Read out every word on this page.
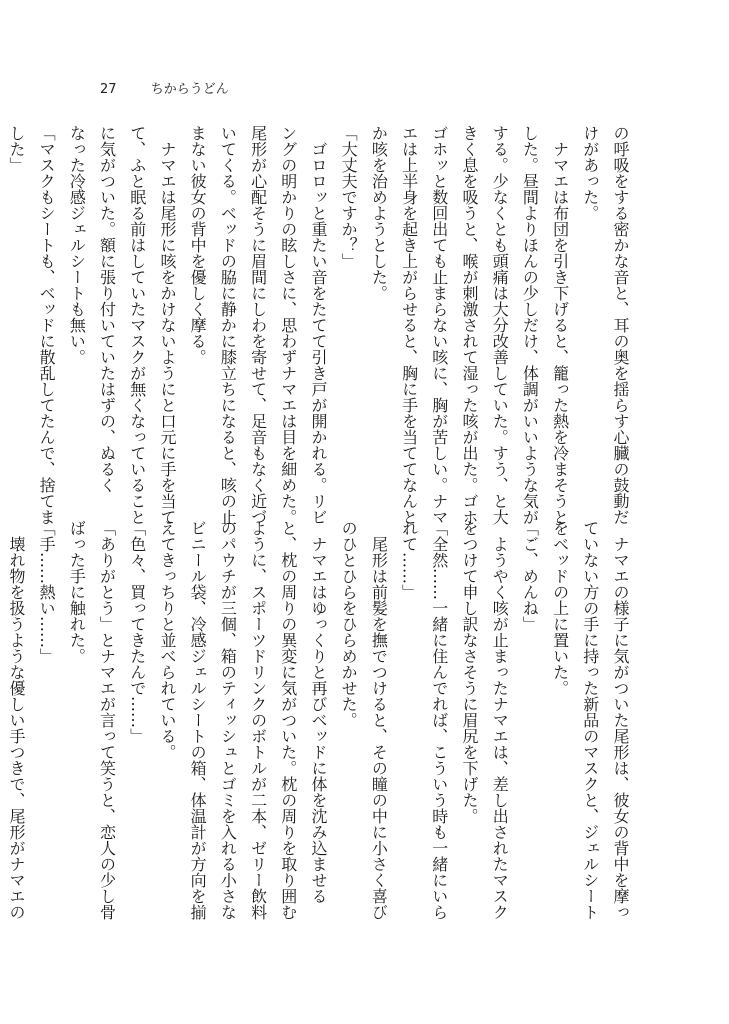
27	ちからうどん

の呼吸をする密かな音と、耳の奥を揺らす心臓の鼓動だ

けがあった。

　ナマエは布団を引き下げると、籠った熱を冷まそうと

した。昼間よりほんの少しだけ、体調がいいような気が

する。少なくとも頭痛は大分改善していた。すう、と大

きく息を吸うと、喉が刺激されて湿った咳が出た。ゴホ

ゴホッと数回出ても止まらない咳に、胸が苦しい。ナマ

エは上半身を起き上がらせると、胸に手を当ててなんと

か咳を治めようとした。

「大丈夫ですか？」

　ゴロロッと重たい音をたてて引き戸が開かれる。リビ

ングの明かりの眩しさに、思わずナマエは目を細めた。

尾形が心配そうに眉間にしわを寄せて、足音もなく近づ

いてくる。ベッドの脇に静かに膝立ちになると、咳の止

まない彼女の背中を優しく摩る。

　ナマエは尾形に咳をかけないようにと口元に手を当て

て、ふと眠る前はしていたマスクが無くなっていること

に気がついた。額に張り付いていたはずの、ぬるく

なった冷感ジェルシートも無い。

「マスクもシートも、ベッドに散乱してたんで、捨てま

した」

　ナマエの様子に気がついた尾形は、彼女の背中を摩っ

ていない方の手に持った新品のマスクと、ジェルシート

をベッドの上に置いた。

「ご、めんね」

　ようやく咳が止まったナマエは、差し出されたマスク

をつけて申し訳なさそうに眉尻を下げた。

「全然……一緒に住んでれば、こういう時も一緒にいら

れて……」

　尾形は前髪を撫でつけると、その瞳の中に小さく喜び

のひとひらをひらめかせた。

　ナマエはゆっくりと再びベッドに体を沈み込ませる

と、枕の周りの異変に気がついた。枕の周りを取り囲む

ように、スポーツドリンクのボトルが二本、ゼリー飲料

のパウチが三個、箱のティッシュとゴミを入れる小さな

ビニール袋、冷感ジェルシートの箱、体温計が方向を揃

えてきっちりと並べられている。

「色々、買ってきたんで……」

「ありがとう」とナマエが言って笑うと、恋人の少し骨

ばった手に触れた。

「手……熱い……」

　壊れ物を扱うような優しい手つきで、尾形がナマエの
